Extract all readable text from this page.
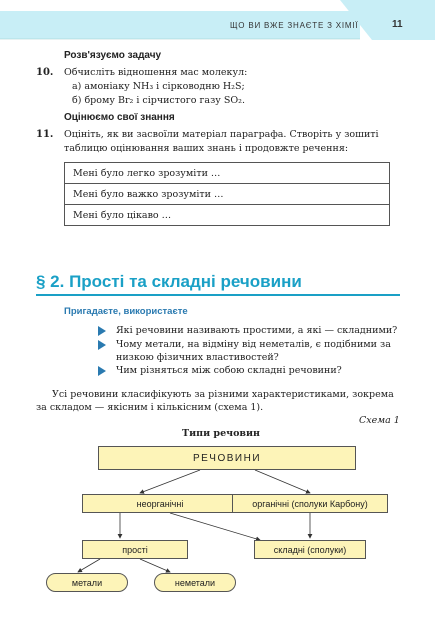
ЩО ВИ ВЖЕ ЗНАЄТЕ З ХІМІЇ	11
Розв'язуємо задачу
10. Обчисліть відношення мас молекул:
а) амоніаку NH₃ і сірководню H₂S;
б) брому Br₂ і сірчистого газу SO₂.
Оцінюємо свої знання
11. Оцініть, як ви засвоїли матеріал параграфа. Створіть у зошиті
таблицю оцінювання ваших знань і продовжте речення:
Мені було легко зрозуміти …
Мені було важко зрозуміти …
Мені було цікаво …
§ 2. Прості та складні речовини
Пригадаєте, використаєте
Які речовини називають простими, а які — складними?
Чому метали, на відміну від неметалів, є подібними за
низкою фізичних властивостей?
Чим різняться між собою складні речовини?
Усі речовини класифікують за різними характеристиками, зокрема
за складом — якісним і кількісним (схема 1).
Схема 1
Типи речовин
РЕЧОВИНИ
неорганічні	органічні (сполуки Карбону)
прості	складні (сполуки)
метали	неметали
